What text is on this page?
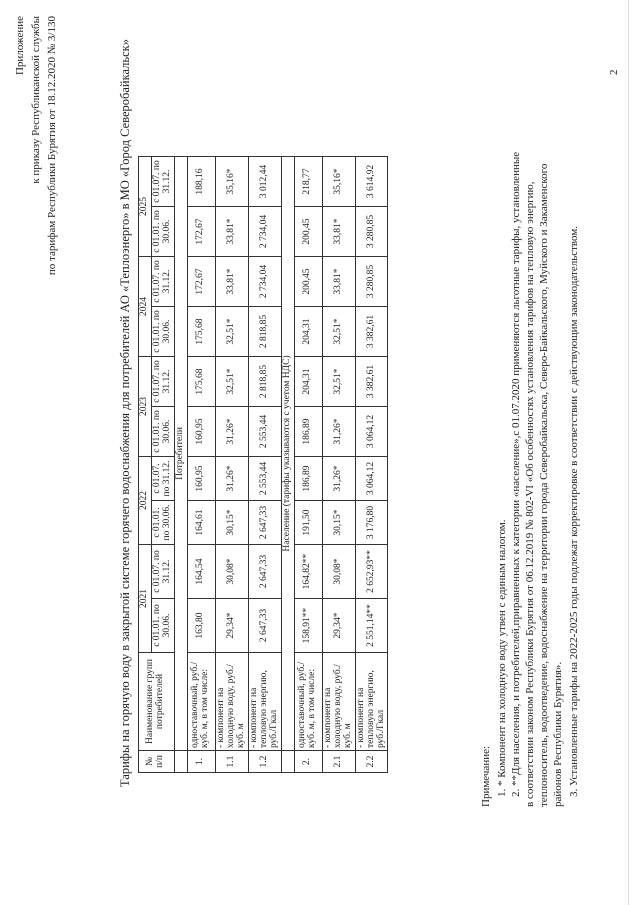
Приложение к приказу Республиканской службы по тарифам Республики Бурятия от 18.12.2020 № 3/130	Тарифы на горячую воду в закрытой системе горячего водоснабжения для потребителей АО «Теплоэнерго» в МО «Город Северобайкальск» № п/п	Наименование групп потребителей	2021		2022		2023		2024		2025	
		с 01.01. по 30.06.	с 01.07. по 31.12.	с 01.01. по 30.06.	с 01.07. по 31.12.	с 01.01. по 30.06.	с 01.07. по 31.12.	с 01.01. по 30.06.	с 01.07. по 31.12.	с 01.01. по 30.06.	с 01.07. по 31.12.
	Потребители										
1.	одноставочный, руб./ куб. м, в том числе:	163,80	164,54	164,61	160,95	160,95	175,68	175,68	172,67	172,67	188,16
1.1	- компонент на холодную воду, руб./ куб. м	29,34*	30,08*	30,15*	31,26*	31,26*	32,51*	32,51*	33,81*	33,81*	35,16*
1.2	- компонент на тепловую энергию, руб./Гкал	2 647,33	2 647,33	2 647,33	2 553,44	2 553,44	2 818,85	2 818,85	2 734,04	2 734,04	3 012,44
	Население (тарифы указываются с учетом НДС)										
2.	одноставочный, руб./ куб. м, в том числе:	158,91**	164,82**	191,50	186,89	186,89	204,31	204,31	200,45	200,45	218,77
2.1	- компонент на холодную воду, руб./ куб. м	29,34*	30,08*	30,15*	31,26*	31,26*	32,51*	32,51*	33,81*	33,81*	35,16*
2.2	- компонент на тепловую энергию, руб./Гкал	2 551,14**	2 652,93**	3 176,80	3 064,12	3 064,12	3 382,61	3 382,61	3 280,85	3 280,85	3 614,92
Примечание: 1. * Компонент на холодную воду утвен с единым налогом. 2. **Для населения, и потребителей,приравненных к категории «население»,с 01.07.2020 применяются льготные тарифы, установленные в соответствии законом Республики Бурятия от 06.12.2019 № 802-VI «Об особенностях установления тарифов на тепловую энергию, теплоноситель, водоотведение, водоснабжение на территории города Северобайкальска, Северо-Байкальского, Муйского и Закаменского районов Республики Бурятия». 3. Установленные тарифы на 2022-2025 годы подлежат корректировке в соответствии с действующим законодательством.
2
